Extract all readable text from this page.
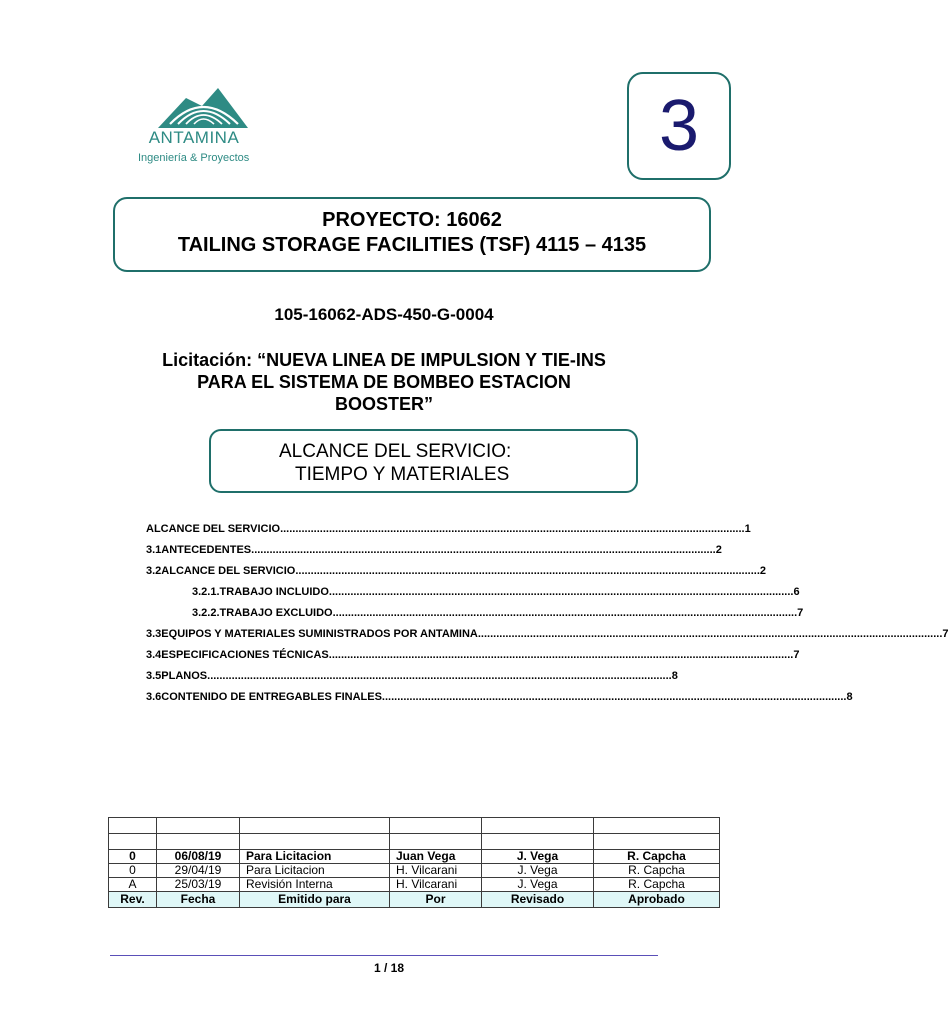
ANTAMINA
Ingeniería & Proyectos	3
PROYECTO: 16062
TAILING STORAGE FACILITIES (TSF) 4115 – 4135
105-16062-ADS-450-G-0004
Licitación: “NUEVA LINEA DE IMPULSION Y TIE-INS
PARA EL SISTEMA DE BOMBEO ESTACION
BOOSTER”
ALCANCE DEL SERVICIO:
TIEMPO Y MATERIALES
ALCANCE DEL SERVICIO ........................................................................................................................................................ 1
3.1 ANTECEDENTES ........................................................................................................................................................ 2
3.2 ALCANCE DEL SERVICIO ........................................................................................................................................................ 2
3.2.1. TRABAJO INCLUIDO ........................................................................................................................................................ 6
3.2.2. TRABAJO EXCLUIDO ........................................................................................................................................................ 7
3.3 EQUIPOS Y MATERIALES SUMINISTRADOS POR ANTAMINA ........................................................................................................................................................ 7
3.4 ESPECIFICACIONES TÉCNICAS ........................................................................................................................................................ 7
3.5 PLANOS ........................................................................................................................................................ 8
3.6 CONTENIDO DE ENTREGABLES FINALES ........................................................................................................................................................ 8

0	06/08/19	Para Licitacion	Juan Vega	J. Vega	R. Capcha
0	29/04/19	Para Licitacion	H. Vilcarani	J. Vega	R. Capcha
A	25/03/19	Revisión Interna	H. Vilcarani	J. Vega	R. Capcha
Rev.	Fecha	Emitido para	Por	Revisado	Aprobado
1 / 18
